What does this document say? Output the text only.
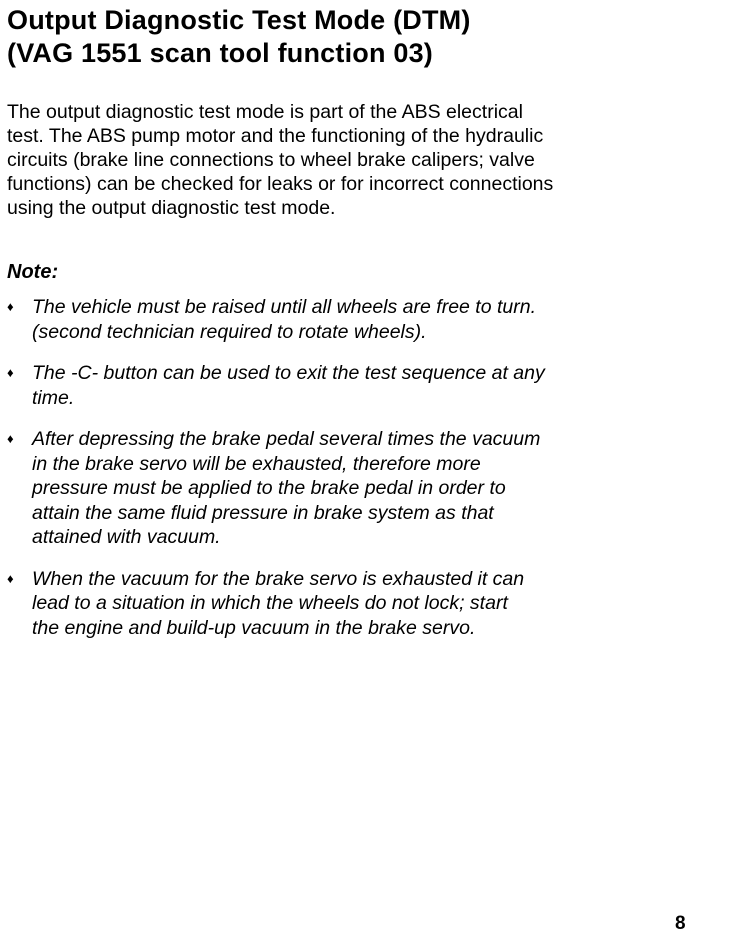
Output Diagnostic Test Mode (DTM)
(VAG 1551 scan tool function 03)

The output diagnostic test mode is part of the ABS electrical
test. The ABS pump motor and the functioning of the hydraulic
circuits (brake line connections to wheel brake calipers; valve
functions) can be checked for leaks or for incorrect connections
using the output diagnostic test mode.

Note:
♦ The vehicle must be raised until all wheels are free to turn.
(second technician required to rotate wheels).
♦ The -C- button can be used to exit the test sequence at any
time.
♦ After depressing the brake pedal several times the vacuum
in the brake servo will be exhausted, therefore more
pressure must be applied to the brake pedal in order to
attain the same fluid pressure in brake system as that
attained with vacuum.
♦ When the vacuum for the brake servo is exhausted it can
lead to a situation in which the wheels do not lock; start
the engine and build-up vacuum in the brake servo.
8
